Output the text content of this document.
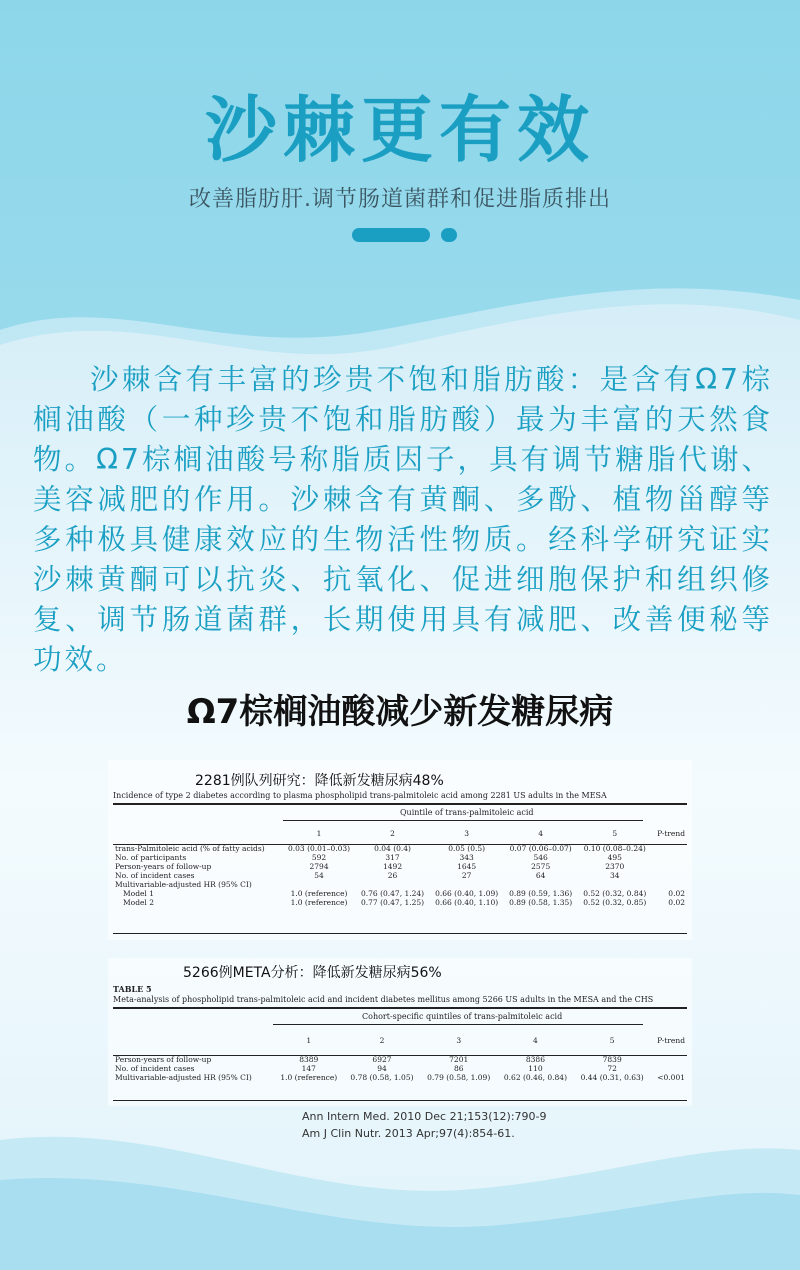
沙棘更有效
改善脂肪肝.调节肠道菌群和促进脂质排出

沙棘含有丰富的珍贵不饱和脂肪酸：是含有Ω7棕榈油酸（一种珍贵不饱和脂肪酸）最为丰富的天然食物。Ω7棕榈油酸号称脂质因子，具有调节糖脂代谢、美容减肥的作用。沙棘含有黄酮、多酚、植物甾醇等多种极具健康效应的生物活性物质。经科学研究证实沙棘黄酮可以抗炎、抗氧化、促进细胞保护和组织修复、调节肠道菌群，长期使用具有减肥、改善便秘等功效。

Ω7棕榈油酸减少新发糖尿病
2281例队列研究：降低新发糖尿病48%
Incidence of type 2 diabetes according to plasma phospholipid trans-palmitoleic acid among 2281 US adults in the MESA
Quintile of trans-palmitoleic acid
	1	2	3	4	5	P-trend

trans-Palmitoleic acid (% of fatty acids)	0.03 (0.01–0.03)	0.04 (0.4)	0.05 (0.5)	0.07 (0.06–0.07)	0.10 (0.08–0.24)	
No. of participants	592	317	343	546	495	
Person-years of follow-up	2794	1492	1645	2575	2370	
No. of incident cases	54	26	27	64	34	
Multivariable-adjusted HR (95% CI)						
Model 1	1.0 (reference)	0.76 (0.47, 1.24)	0.66 (0.40, 1.09)	0.89 (0.59, 1.36)	0.52 (0.32, 0.84)	0.02
Model 2	1.0 (reference)	0.77 (0.47, 1.25)	0.66 (0.40, 1.10)	0.89 (0.58, 1.35)	0.52 (0.32, 0.85)	0.02
5266例META分析：降低新发糖尿病56%
TABLE 5
Meta-analysis of phospholipid trans-palmitoleic acid and incident diabetes mellitus among 5266 US adults in the MESA and the CHS
Cohort-specific quintiles of trans-palmitoleic acid
	1	2	3	4	5	P-trend

Person-years of follow-up	8389	6927	7201	8386	7839	
No. of incident cases	147	94	86	110	72	
Multivariable-adjusted HR (95% CI)	1.0 (reference)	0.78 (0.58, 1.05)	0.79 (0.58, 1.09)	0.62 (0.46, 0.84)	0.44 (0.31, 0.63)	<0.001
Ann Intern Med. 2010 Dec 21;153(12):790-9
Am J Clin Nutr. 2013 Apr;97(4):854-61.
